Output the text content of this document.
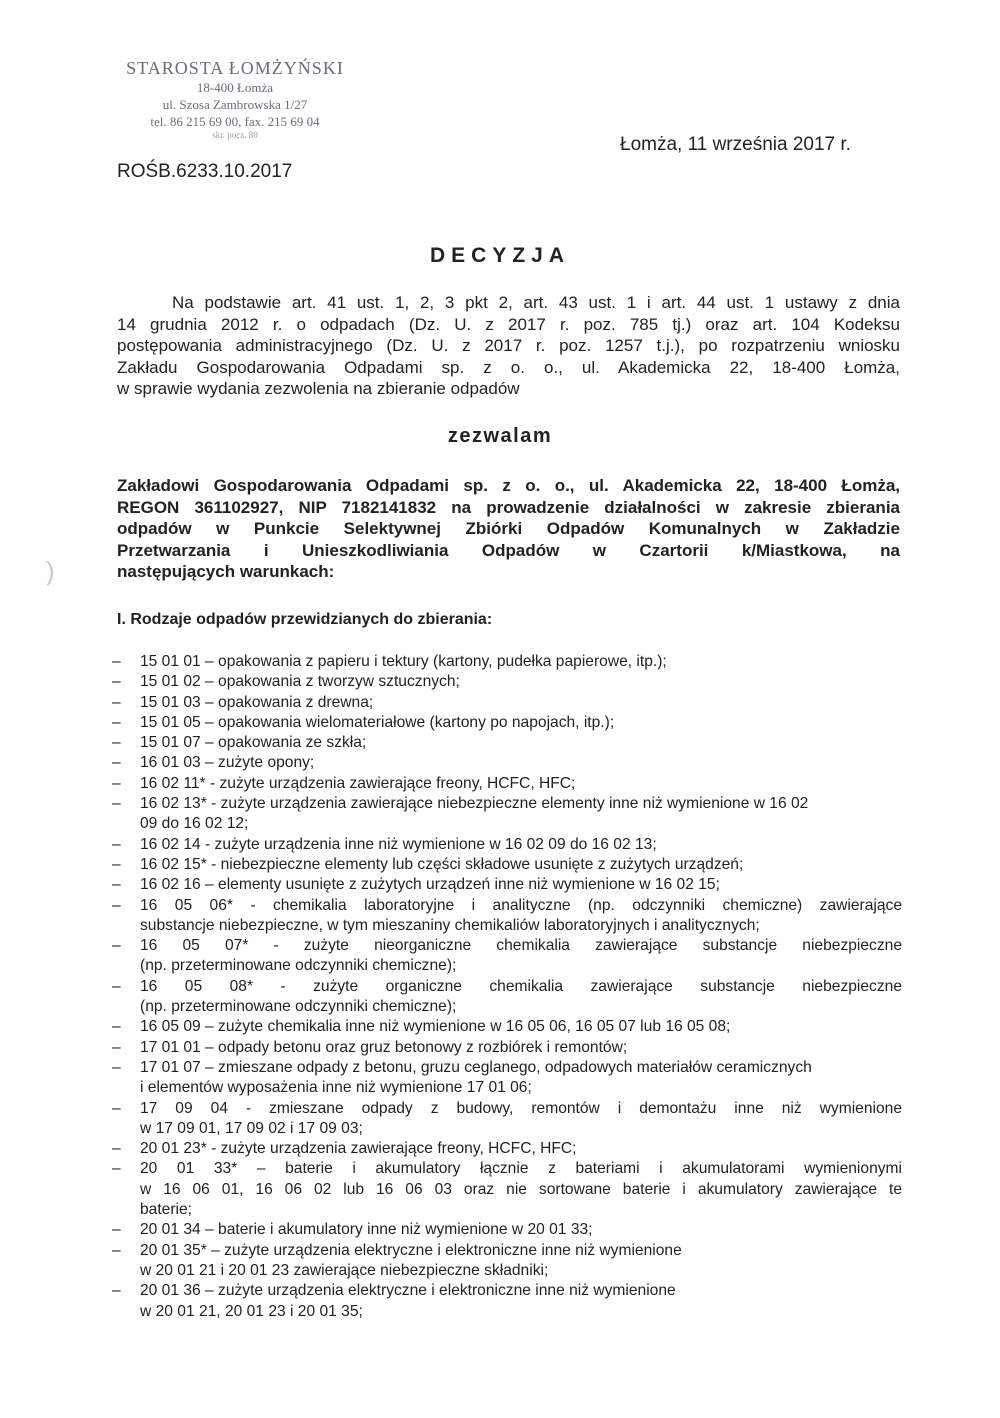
STAROSTA ŁOMŻYŃSKI
18-400 Łomża
ul. Szosa Zambrowska 1/27
tel. 86 215 69 00, fax. 215 69 04
skr. pocz. 80	Łomża, 11 września 2017 r.
ROŚB.6233.10.2017
DECYZJA
Na podstawie art. 41 ust. 1, 2, 3 pkt 2, art. 43 ust. 1 i art. 44 ust. 1 ustawy z dnia
14 grudnia 2012 r. o odpadach (Dz. U. z 2017 r. poz. 785 tj.) oraz art. 104 Kodeksu
postępowania administracyjnego (Dz. U. z 2017 r. poz. 1257 t.j.), po rozpatrzeniu wniosku
Zakładu Gospodarowania Odpadami sp. z o. o., ul. Akademicka 22, 18-400 Łomża,
w sprawie wydania zezwolenia na zbieranie odpadów
zezwalam
Zakładowi Gospodarowania Odpadami sp. z o. o., ul. Akademicka 22, 18-400 Łomża,
REGON 361102927, NIP 7182141832 na prowadzenie działalności w zakresie zbierania
odpadów w Punkcie Selektywnej Zbiórki Odpadów Komunalnych w Zakładzie
Przetwarzania i Unieszkodliwiania Odpadów w Czartorii k/Miastkowa, na
następujących warunkach:
I. Rodzaje odpadów przewidzianych do zbierania:
– 15 01 01 – opakowania z papieru i tektury (kartony, pudełka papierowe, itp.);
– 15 01 02 – opakowania z tworzyw sztucznych;
– 15 01 03 – opakowania z drewna;
– 15 01 05 – opakowania wielomateriałowe (kartony po napojach, itp.);
– 15 01 07 – opakowania ze szkła;
– 16 01 03 – zużyte opony;
– 16 02 11* - zużyte urządzenia zawierające freony, HCFC, HFC;
– 16 02 13* - zużyte urządzenia zawierające niebezpieczne elementy inne niż wymienione w 16 02
09 do 16 02 12;
– 16 02 14 - zużyte urządzenia inne niż wymienione w 16 02 09 do 16 02 13;
– 16 02 15* - niebezpieczne elementy lub części składowe usunięte z zużytych urządzeń;
– 16 02 16 – elementy usunięte z zużytych urządzeń inne niż wymienione w 16 02 15;
– 16 05 06* - chemikalia laboratoryjne i analityczne (np. odczynniki chemiczne) zawierające
substancje niebezpieczne, w tym mieszaniny chemikaliów laboratoryjnych i analitycznych;
– 16 05 07* - zużyte nieorganiczne chemikalia zawierające substancje niebezpieczne
(np. przeterminowane odczynniki chemiczne);
– 16 05 08* - zużyte organiczne chemikalia zawierające substancje niebezpieczne
(np. przeterminowane odczynniki chemiczne);
– 16 05 09 – zużyte chemikalia inne niż wymienione w 16 05 06, 16 05 07 lub 16 05 08;
– 17 01 01 – odpady betonu oraz gruz betonowy z rozbiórek i remontów;
– 17 01 07 – zmieszane odpady z betonu, gruzu ceglanego, odpadowych materiałów ceramicznych
i elementów wyposażenia inne niż wymienione 17 01 06;
– 17 09 04 - zmieszane odpady z budowy, remontów i demontażu inne niż wymienione
w 17 09 01, 17 09 02 i 17 09 03;
– 20 01 23* - zużyte urządzenia zawierające freony, HCFC, HFC;
– 20 01 33* – baterie i akumulatory łącznie z bateriami i akumulatorami wymienionymi
w 16 06 01, 16 06 02 lub 16 06 03 oraz nie sortowane baterie i akumulatory zawierające te
baterie;
– 20 01 34 – baterie i akumulatory inne niż wymienione w 20 01 33;
– 20 01 35* – zużyte urządzenia elektryczne i elektroniczne inne niż wymienione
w 20 01 21 i 20 01 23 zawierające niebezpieczne składniki;
– 20 01 36 – zużyte urządzenia elektryczne i elektroniczne inne niż wymienione
w 20 01 21, 20 01 23 i 20 01 35;
)
